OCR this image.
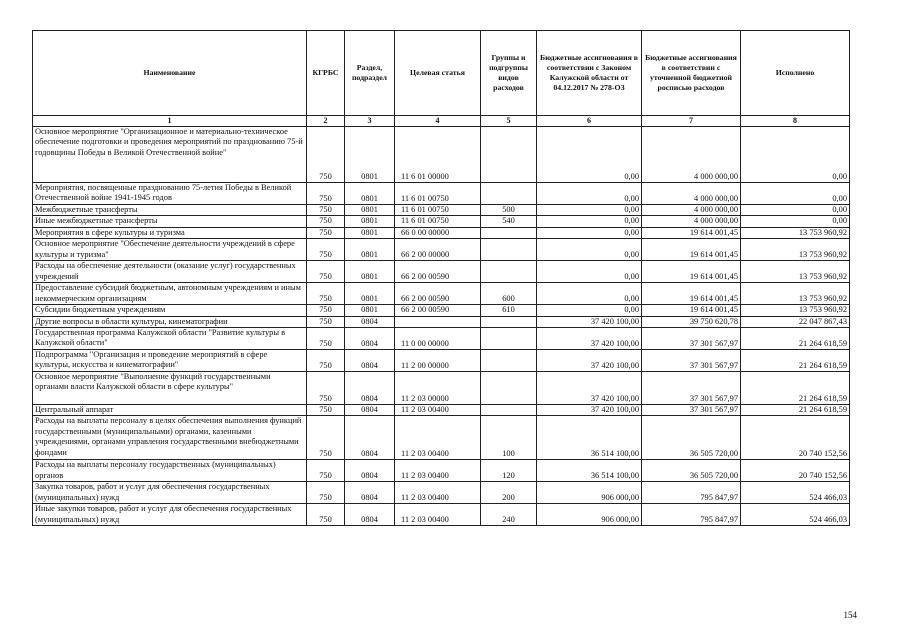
Наименование	КГРБС	Раздел, подраздел	Целевая статья	Группы и подгруппы видов расходов	Бюджетные ассигнования в соответствии с Законом Калужской области от 04.12.2017 № 278-ОЗ	Бюджетные ассигнования в соответствии с уточненной бюджетной росписью расходов	Исполнено
1	2	3	4	5	6	7	8
Основное мероприятие "Организационное и материально-техническое обеспечение подготовки и проведения мероприятий по празднованию 75-й годовщины Победы в Великой Отечественной войне"	750	0801	11 6 01 00000		0,00	4 000 000,00	0,00
Мероприятия, посвященные празднованию 75-летия Победы в Великой Отечественной войне 1941-1945 годов	750	0801	11 6 01 00750		0,00	4 000 000,00	0,00
Межбюджетные трансферты	750	0801	11 6 01 00750	500	0,00	4 000 000,00	0,00
Иные межбюджетные трансферты	750	0801	11 6 01 00750	540	0,00	4 000 000,00	0,00
Мероприятия в сфере культуры и туризма	750	0801	66 0 00 00000		0,00	19 614 001,45	13 753 960,92
Основное мероприятие "Обеспечение деятельности учреждений в сфере культуры и туризма"	750	0801	66 2 00 00000		0,00	19 614 001,45	13 753 960,92
Расходы на обеспечение деятельности (оказание услуг) государственных учреждений	750	0801	66 2 00 00590		0,00	19 614 001,45	13 753 960,92
Предоставление субсидий бюджетным, автономным учреждениям и иным некоммерческим организациям	750	0801	66 2 00 00590	600	0,00	19 614 001,45	13 753 960,92
Субсидии бюджетным учреждениям	750	0801	66 2 00 00590	610	0,00	19 614 001,45	13 753 960,92
Другие вопросы в области культуры, кинематографии	750	0804			37 420 100,00	39 750 620,78	22 047 867,43
Государственная программа Калужской области "Развитие культуры в Калужской области"	750	0804	11 0 00 00000		37 420 100,00	37 301 567,97	21 264 618,59
Подпрограмма "Организация и проведение мероприятий в сфере культуры, искусства и кинематографии"	750	0804	11 2 00 00000		37 420 100,00	37 301 567,97	21 264 618,59
Основное мероприятие "Выполнение функций государственными органами власти Калужской области в сфере культуры"	750	0804	11 2 03 00000		37 420 100,00	37 301 567,97	21 264 618,59
Центральный аппарат	750	0804	11 2 03 00400		37 420 100,00	37 301 567,97	21 264 618,59
Расходы на выплаты персоналу в целях обеспечения выполнения функций государственными (муниципальными) органами, казенными учреждениями, органами управления государственными внебюджетными фондами	750	0804	11 2 03 00400	100	36 514 100,00	36 505 720,00	20 740 152,56
Расходы на выплаты персоналу государственных (муниципальных) органов	750	0804	11 2 03 00400	120	36 514 100,00	36 505 720,00	20 740 152,56
Закупка товаров, работ и услуг для обеспечения государственных (муниципальных) нужд	750	0804	11 2 03 00400	200	906 000,00	795 847,97	524 466,03
Иные закупки товаров, работ и услуг для обеспечения государственных (муниципальных) нужд	750	0804	11 2 03 00400	240	906 000,00	795 847,97	524 466,03
154
